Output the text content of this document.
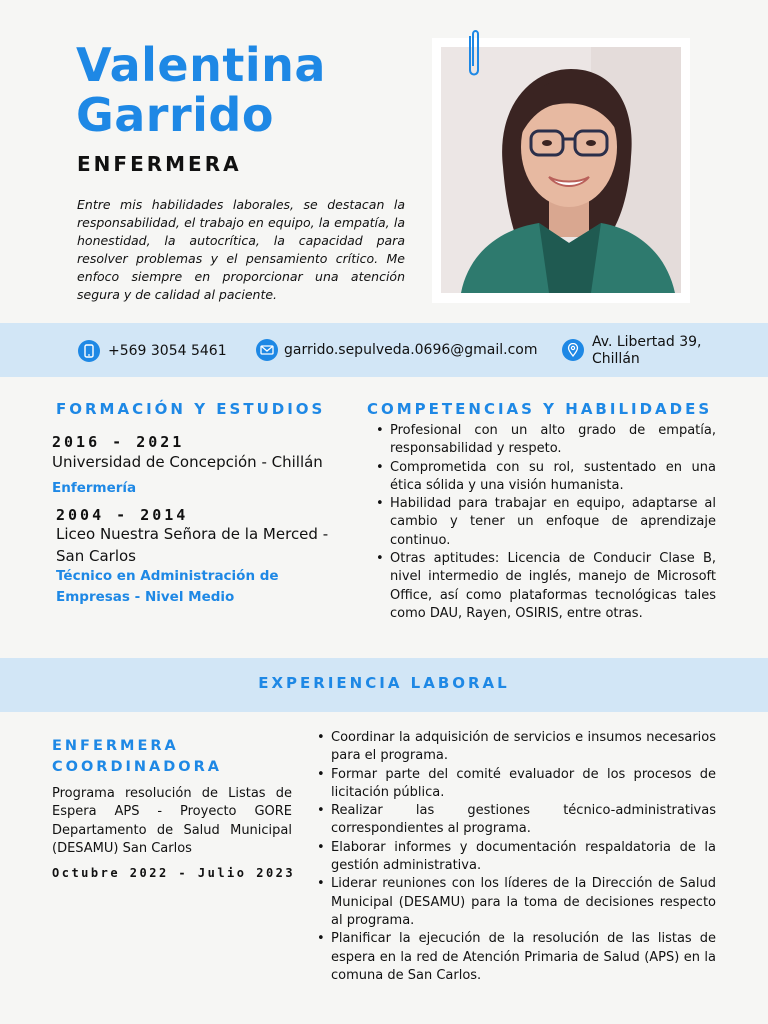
Valentina
Garrido
ENFERMERA

Entre mis habilidades laborales, se destacan la responsabilidad, el trabajo en equipo, la empatía, la honestidad, la autocrítica, la capacidad para resolver problemas y el pensamiento crítico. Me enfoco siempre en proporcionar una atención segura y de calidad al paciente.

+569 3054 5461	garrido.sepulveda.0696@gmail.com	Av. Libertad 39,
Chillán
FORMACIÓN Y ESTUDIOS
2016 - 2021
Universidad de Concepción - Chillán
Enfermería
2004 - 2014
Liceo Nuestra Señora de la Merced - San Carlos
Técnico en Administración de Empresas - Nivel Medio
COMPETENCIAS Y HABILIDADES
• Profesional con un alto grado de empatía, responsabilidad y respeto.
• Comprometida con su rol, sustentado en una ética sólida y una visión humanista.
• Habilidad para trabajar en equipo, adaptarse al cambio y tener un enfoque de aprendizaje continuo.
• Otras aptitudes: Licencia de Conducir Clase B, nivel intermedio de inglés, manejo de Microsoft Office, así como plataformas tecnológicas tales como DAU, Rayen, OSIRIS, entre otras.
EXPERIENCIA LABORAL
ENFERMERA
COORDINADORA

Programa resolución de Listas de Espera APS - Proyecto GORE Departamento de Salud Municipal (DESAMU) San Carlos

Octubre 2022 - Julio 2023
• Coordinar la adquisición de servicios e insumos necesarios para el programa.
• Formar parte del comité evaluador de los procesos de licitación pública.
• Realizar las gestiones técnico-administrativas correspondientes al programa.
• Elaborar informes y documentación respaldatoria de la gestión administrativa.
• Liderar reuniones con los líderes de la Dirección de Salud Municipal (DESAMU) para la toma de decisiones respecto al programa.
• Planificar la ejecución de la resolución de las listas de espera en la red de Atención Primaria de Salud (APS) en la comuna de San Carlos.
